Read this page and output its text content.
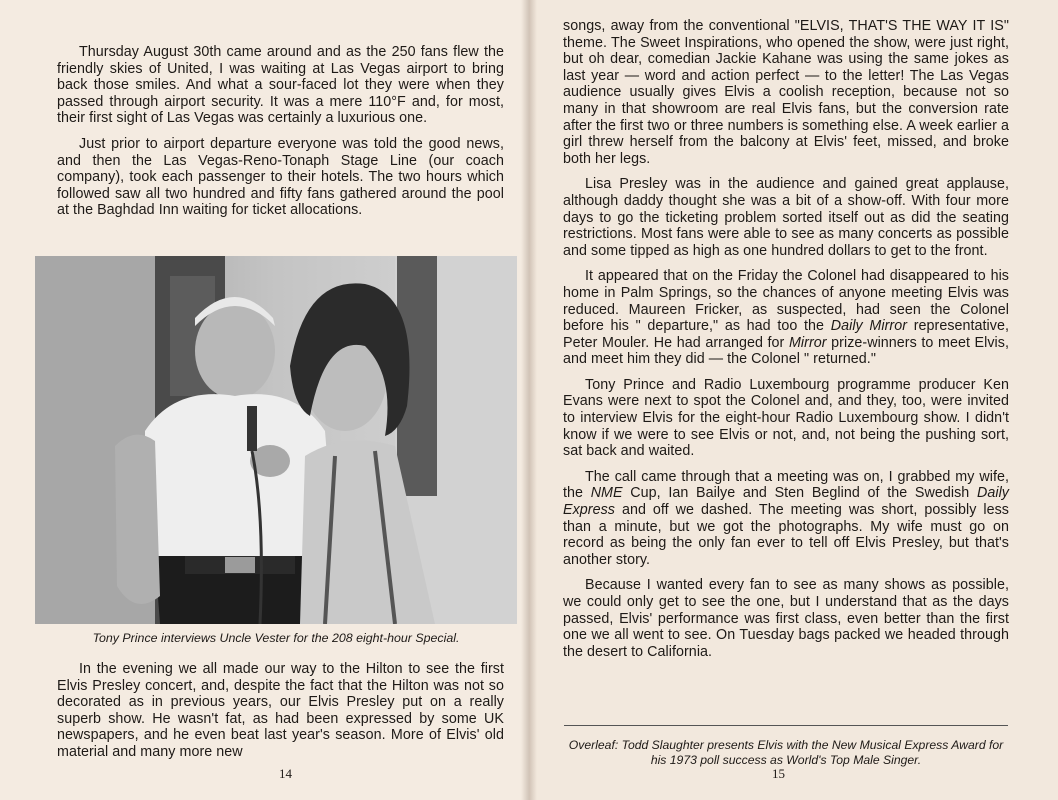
Thursday August 30th came around and as the 250 fans flew the friendly skies of United, I was waiting at Las Vegas airport to bring back those smiles. And what a sour-faced lot they were when they passed through airport security. It was a mere 110°F and, for most, their first sight of Las Vegas was certainly a luxurious one.

Just prior to airport departure everyone was told the good news, and then the Las Vegas-Reno-Tonaph Stage Line (our coach company), took each passenger to their hotels. The two hours which followed saw all two hundred and fifty fans gathered around the pool at the Baghdad Inn waiting for ticket allocations.

Tony Prince interviews Uncle Vester for the 208 eight-hour Special.

In the evening we all made our way to the Hilton to see the first Elvis Presley concert, and, despite the fact that the Hilton was not so decorated as in previous years, our Elvis Presley put on a really superb show. He wasn't fat, as had been expressed by some UK newspapers, and he even beat last year's season. More of Elvis' old material and many more new

14

songs, away from the conventional "ELVIS, THAT'S THE WAY IT IS" theme. The Sweet Inspirations, who opened the show, were just right, but oh dear, comedian Jackie Kahane was using the same jokes as last year — word and action perfect — to the letter! The Las Vegas audience usually gives Elvis a coolish reception, because not so many in that showroom are real Elvis fans, but the conversion rate after the first two or three numbers is something else. A week earlier a girl threw herself from the balcony at Elvis' feet, missed, and broke both her legs.

Lisa Presley was in the audience and gained great applause, although daddy thought she was a bit of a show-off. With four more days to go the ticketing problem sorted itself out as did the seating restrictions. Most fans were able to see as many concerts as possible and some tipped as high as one hundred dollars to get to the front.

It appeared that on the Friday the Colonel had disappeared to his home in Palm Springs, so the chances of anyone meeting Elvis was reduced. Maureen Fricker, as suspected, had seen the Colonel before his " departure," as had too the Daily Mirror representative, Peter Mouler. He had arranged for Mirror prize-winners to meet Elvis, and meet him they did — the Colonel " returned."

Tony Prince and Radio Luxembourg programme producer Ken Evans were next to spot the Colonel and, and they, too, were invited to interview Elvis for the eight-hour Radio Luxembourg show. I didn't know if we were to see Elvis or not, and, not being the pushing sort, sat back and waited.

The call came through that a meeting was on, I grabbed my wife, the NME Cup, Ian Bailye and Sten Beglind of the Swedish Daily Express and off we dashed. The meeting was short, possibly less than a minute, but we got the photographs. My wife must go on record as being the only fan ever to tell off Elvis Presley, but that's another story.

Because I wanted every fan to see as many shows as possible, we could only get to see the one, but I understand that as the days passed, Elvis' performance was first class, even better than the first one we all went to see. On Tuesday bags packed we headed through the desert to California.

Overleaf: Todd Slaughter presents Elvis with the New Musical Express Award for his 1973 poll success as World's Top Male Singer.
15
